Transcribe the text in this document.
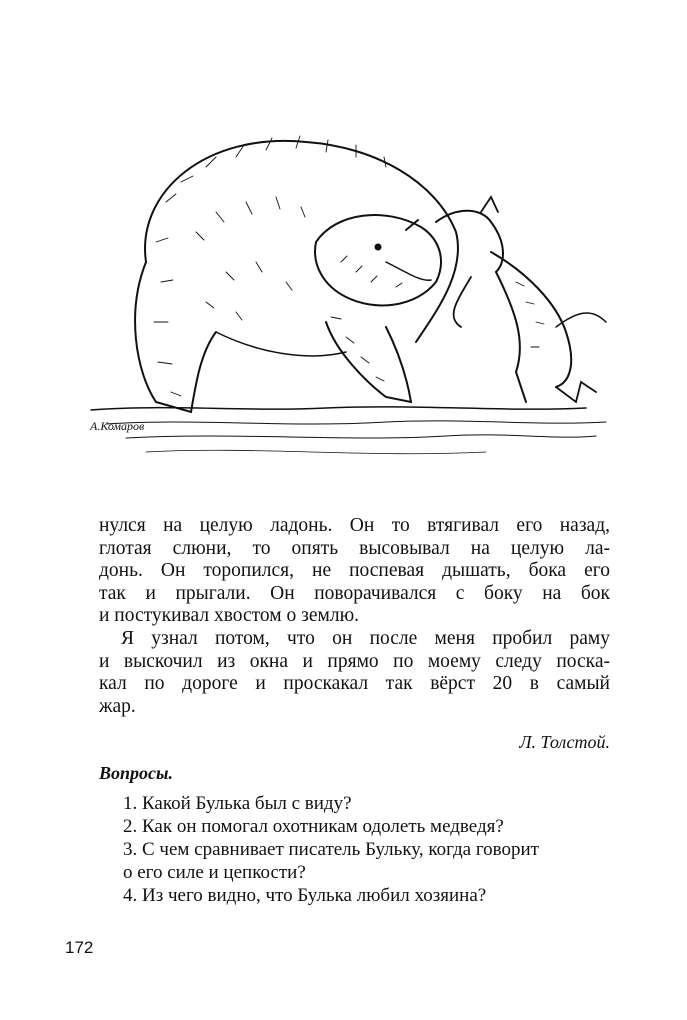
А.Комаров
нулся на целую ладонь. Он то втягивал его назад,
глотая слюни, то опять высовывал на целую ла-
донь. Он торопился, не поспевая дышать, бока его
так и прыгали. Он поворачивался с боку на бок
и постукивал хвостом о землю.
Я узнал потом, что он после меня пробил раму
и выскочил из окна и прямо по моему следу поска-
кал по дороге и проскакал так вёрст 20 в самый
жар.
Л. Толстой.
Вопросы.
1. Какой Булька был с виду?
2. Как он помогал охотникам одолеть медведя?
3. С чем сравнивает писатель Бульку, когда говорит
о его силе и цепкости?
4. Из чего видно, что Булька любил хозяина?
172
